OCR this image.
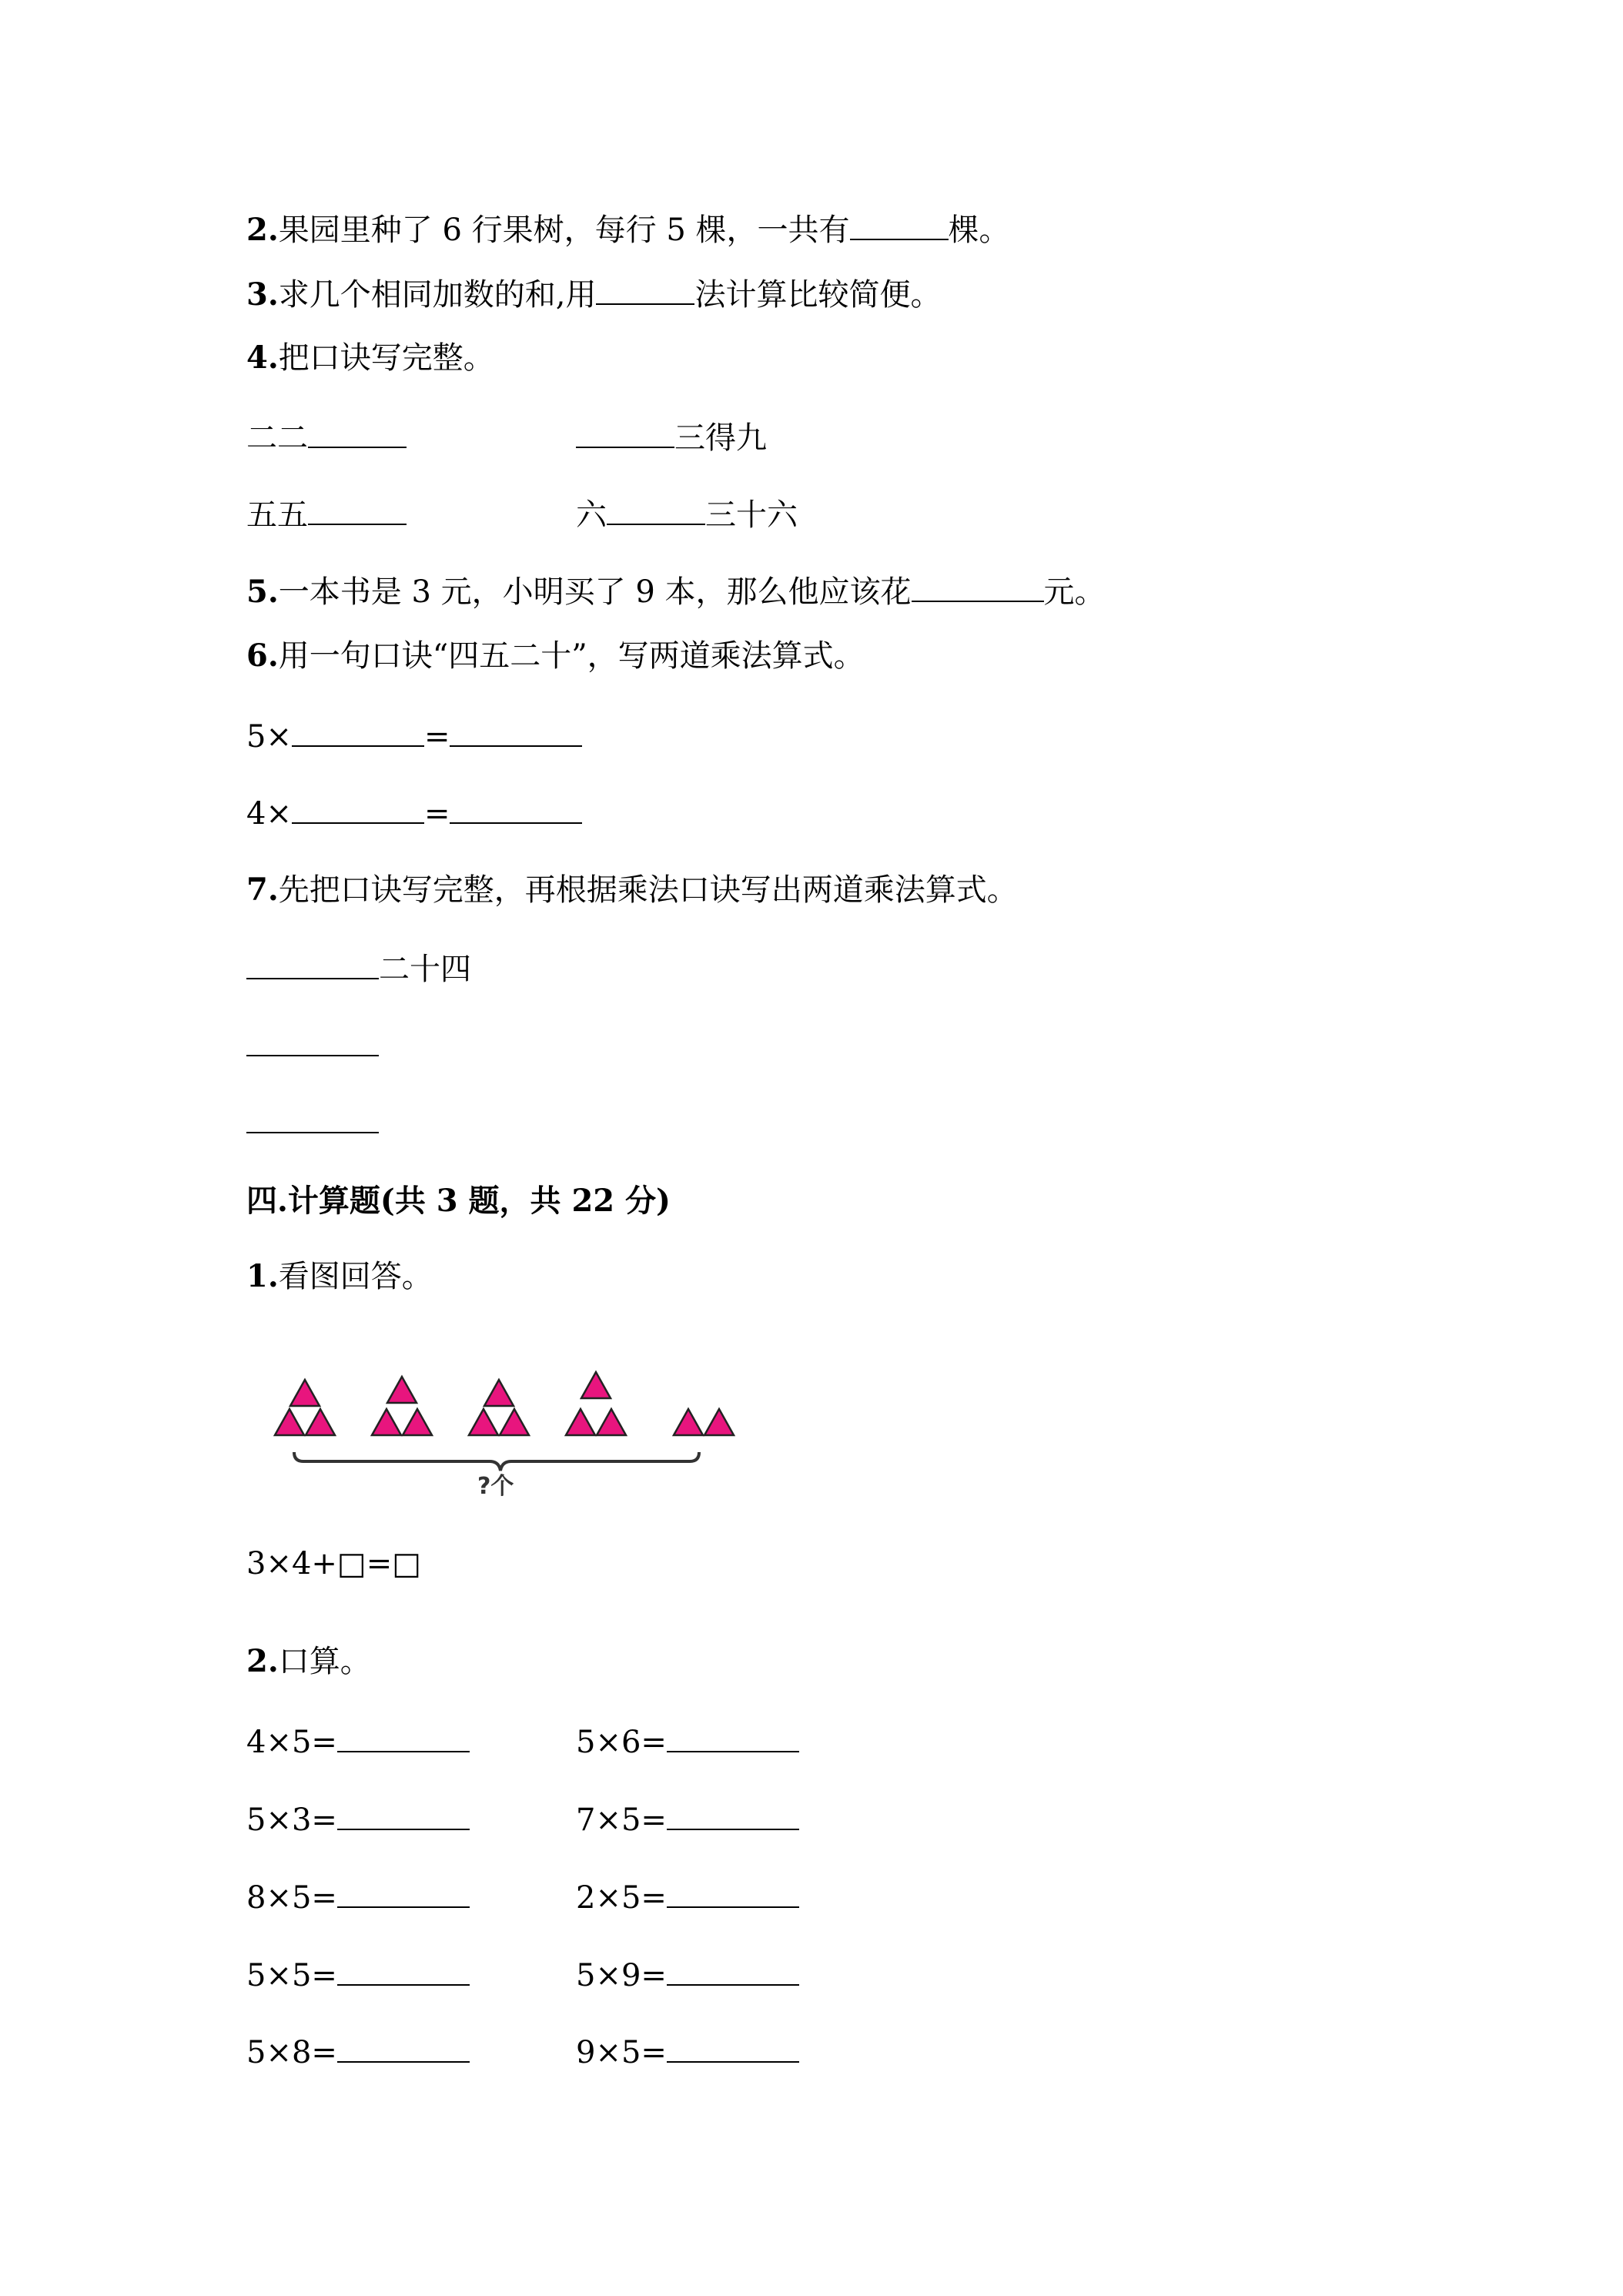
2.果园里种了 6 行果树，每行 5 棵，一共有	棵。
3.求几个相同加数的和,用	法计算比较简便。
4.把口诀写完整。
二二	三得九
五五	六	三十六
5.一本书是 3 元，小明买了 9 本，那么他应该花	元。
6.用一句口诀“四五二十”，写两道乘法算式。
5×	=
4×	=
7.先把口诀写完整，再根据乘法口诀写出两道乘法算式。
二十四
四.计算题(共 3 题，共 22 分)
1.看图回答。
?个
3×4+□=□
2.口算。
4×5=	5×6=
5×3=	7×5=
8×5=	2×5=
5×5=	5×9=
5×8=	9×5=
